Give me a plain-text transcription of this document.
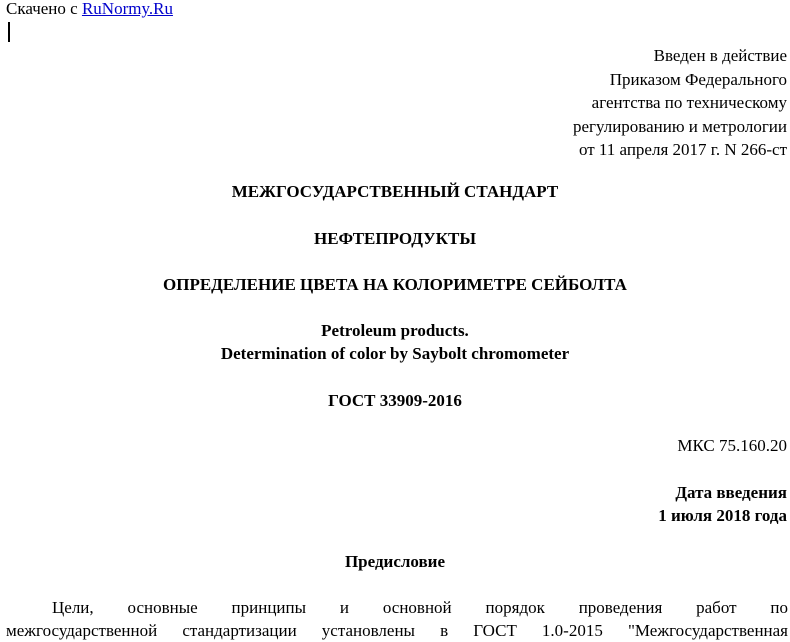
Скачено с RuNormy.Ru
Введен в действие
Приказом Федерального
агентства по техническому
регулированию и метрологии
от 11 апреля 2017 г. N 266-ст
МЕЖГОСУДАРСТВЕННЫЙ СТАНДАРТ
НЕФТЕПРОДУКТЫ
ОПРЕДЕЛЕНИЕ ЦВЕТА НА КОЛОРИМЕТРЕ СЕЙБОЛТА
Petroleum products.
Determination of color by Saybolt chromometer
ГОСТ 33909-2016
МКС 75.160.20
Дата введения
1 июля 2018 года
Предисловие
Цели, основные принципы и основной порядок проведения работ по
межгосударственной стандартизации установлены в ГОСТ 1.0-2015 "Межгосударственная
